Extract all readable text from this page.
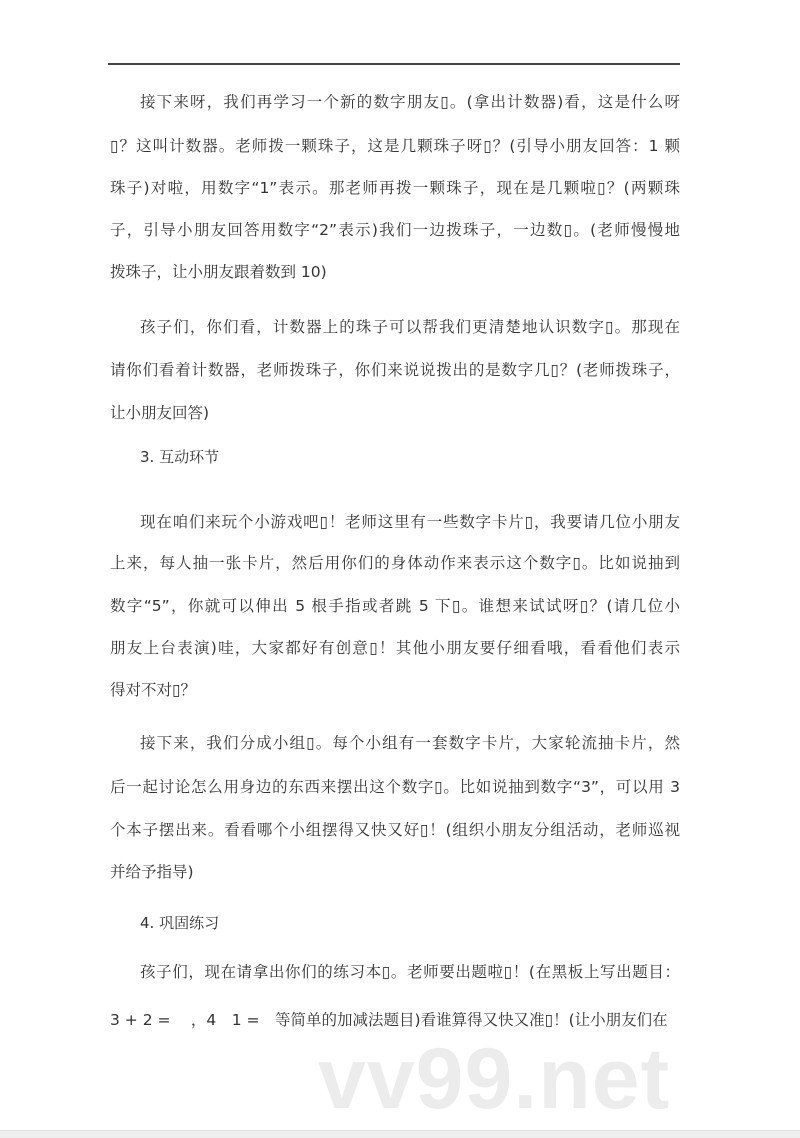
vv99.net
接下来呀，我们再学习一个新的数字朋友▯。(拿出计数器)看，这是什么呀
▯？这叫计数器。老师拨一颗珠子，这是几颗珠子呀▯？(引导小朋友回答：1 颗
珠子)对啦，用数字“1”表示。那老师再拨一颗珠子，现在是几颗啦▯？(两颗珠
子，引导小朋友回答用数字“2”表示)我们一边拨珠子，一边数▯。(老师慢慢地
拨珠子，让小朋友跟着数到 10)
孩子们，你们看，计数器上的珠子可以帮我们更清楚地认识数字▯。那现在
请你们看着计数器，老师拨珠子，你们来说说拨出的是数字几▯？(老师拨珠子，
让小朋友回答)
3. 互动环节
现在咱们来玩个小游戏吧▯！老师这里有一些数字卡片▯，我要请几位小朋友
上来，每人抽一张卡片，然后用你们的身体动作来表示这个数字▯。比如说抽到
数字“5”，你就可以伸出 5 根手指或者跳 5 下▯。谁想来试试呀▯？(请几位小
朋友上台表演)哇，大家都好有创意▯！其他小朋友要仔细看哦，看看他们表示
得对不对▯？
接下来，我们分成小组▯。每个小组有一套数字卡片，大家轮流抽卡片，然
后一起讨论怎么用身边的东西来摆出这个数字▯。比如说抽到数字“3”，可以用 3
个本子摆出来。看看哪个小组摆得又快又好▯！(组织小朋友分组活动，老师巡视
并给予指导)
4. 巩固练习
孩子们，现在请拿出你们的练习本▯。老师要出题啦▯！(在黑板上写出题目：
3 + 2 =　 ，4　1 =　等简单的加减法题目)看谁算得又快又准▯！(让小朋友们在
